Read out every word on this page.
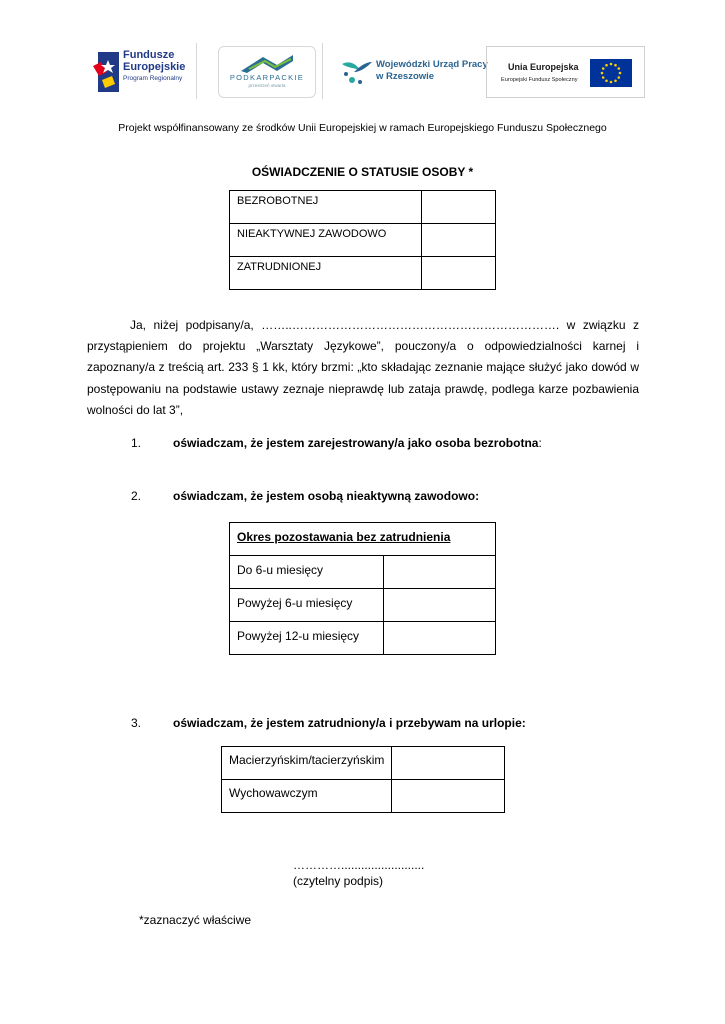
Fundusze
Europejskie
Program Regionalny	PODKARPACKIE
przestrzeń otwarta
Wojewódzki Urząd Pracy
w Rzeszowie
Unia Europejska
Europejski Fundusz Społeczny
Projekt współfinansowany ze środków Unii Europejskiej w ramach Europejskiego Funduszu Społecznego
OŚWIADCZENIE O STATUSIE OSOBY *
BEZROBOTNEJ	
NIEAKTYWNEJ ZAWODOWO	
ZATRUDNIONEJ	

Ja, niżej podpisany/a, ……..…………………………………………………………. w związku z przystąpieniem do projektu „Warsztaty Językowe”, pouczony/a o odpowiedzialności karnej i zapoznany/a z treścią art. 233 § 1 kk, który brzmi: „kto składając zeznanie mające służyć jako dowód w postępowaniu na podstawie ustawy zeznaje nieprawdę lub zataja prawdę, podlega karze pozbawienia wolności do lat 3”,

1.	oświadczam, że jestem zarejestrowany/a jako osoba bezrobotna:
2.	oświadczam, że jestem osobą nieaktywną zawodowo:
Okres pozostawania bez zatrudnienia	
Do 6-u miesięcy	
Powyżej 6-u miesięcy	
Powyżej 12-u miesięcy	
3.	oświadczam, że jestem zatrudniony/a i przebywam na urlopie:
Macierzyńskim/tacierzyńskim	
Wychowawczym	
………….........................
(czytelny podpis)
*zaznaczyć właściwe
